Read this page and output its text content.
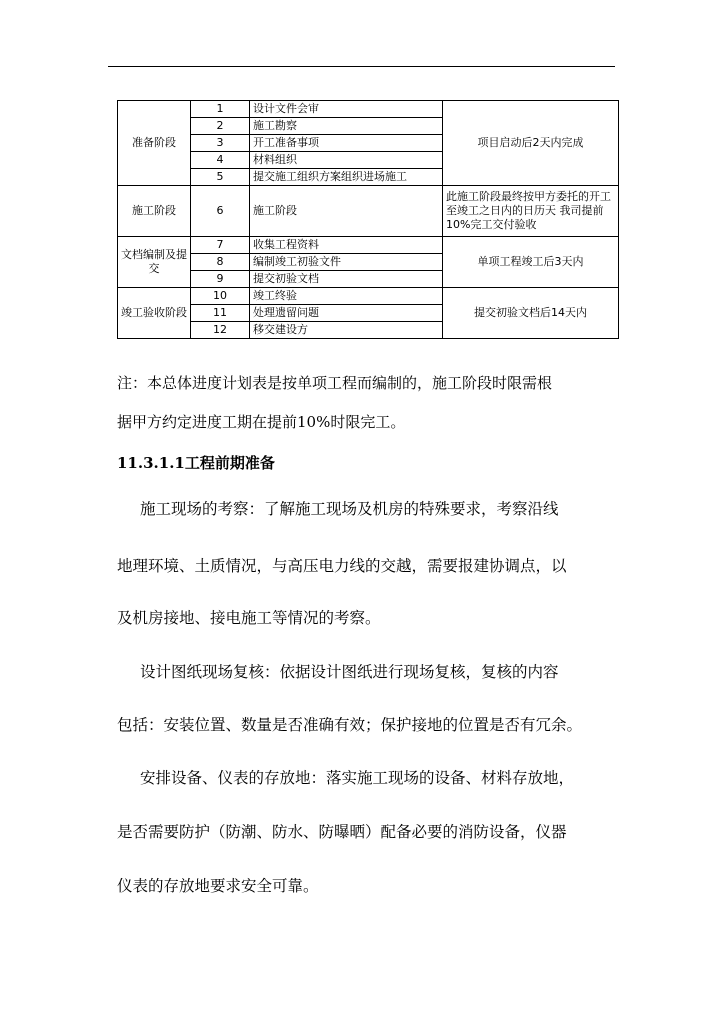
准备阶段	1	设计文件会审	项目启动后2天内完成
	2	施工勘察	
	3	开工准备事项	
	4	材料组织	
	5	提交施工组织方案组织进场施工	
施工阶段	6	施工阶段	此施工阶段最终按甲方委托的开工至竣工之日内的日历天 我司提前10%完工交付验收
文档编制及提交	7	收集工程资料	单项工程竣工后3天内
	8	编制竣工初验文件	
	9	提交初验文档	
竣工验收阶段	10	竣工终验	提交初验文档后14天内
	11	处理遗留问题	
	12	移交建设方	
注：本总体进度计划表是按单项工程而编制的，施工阶段时限需根
据甲方约定进度工期在提前10%时限完工。
11.3.1.1工程前期准备
施工现场的考察：了解施工现场及机房的特殊要求，考察沿线
地理环境、土质情况，与高压电力线的交越，需要报建协调点，以
及机房接地、接电施工等情况的考察。
设计图纸现场复核：依据设计图纸进行现场复核，复核的内容
包括：安装位置、数量是否准确有效；保护接地的位置是否有冗余。
安排设备、仪表的存放地：落实施工现场的设备、材料存放地，
是否需要防护（防潮、防水、防曝晒）配备必要的消防设备，仪器
仪表的存放地要求安全可靠。
